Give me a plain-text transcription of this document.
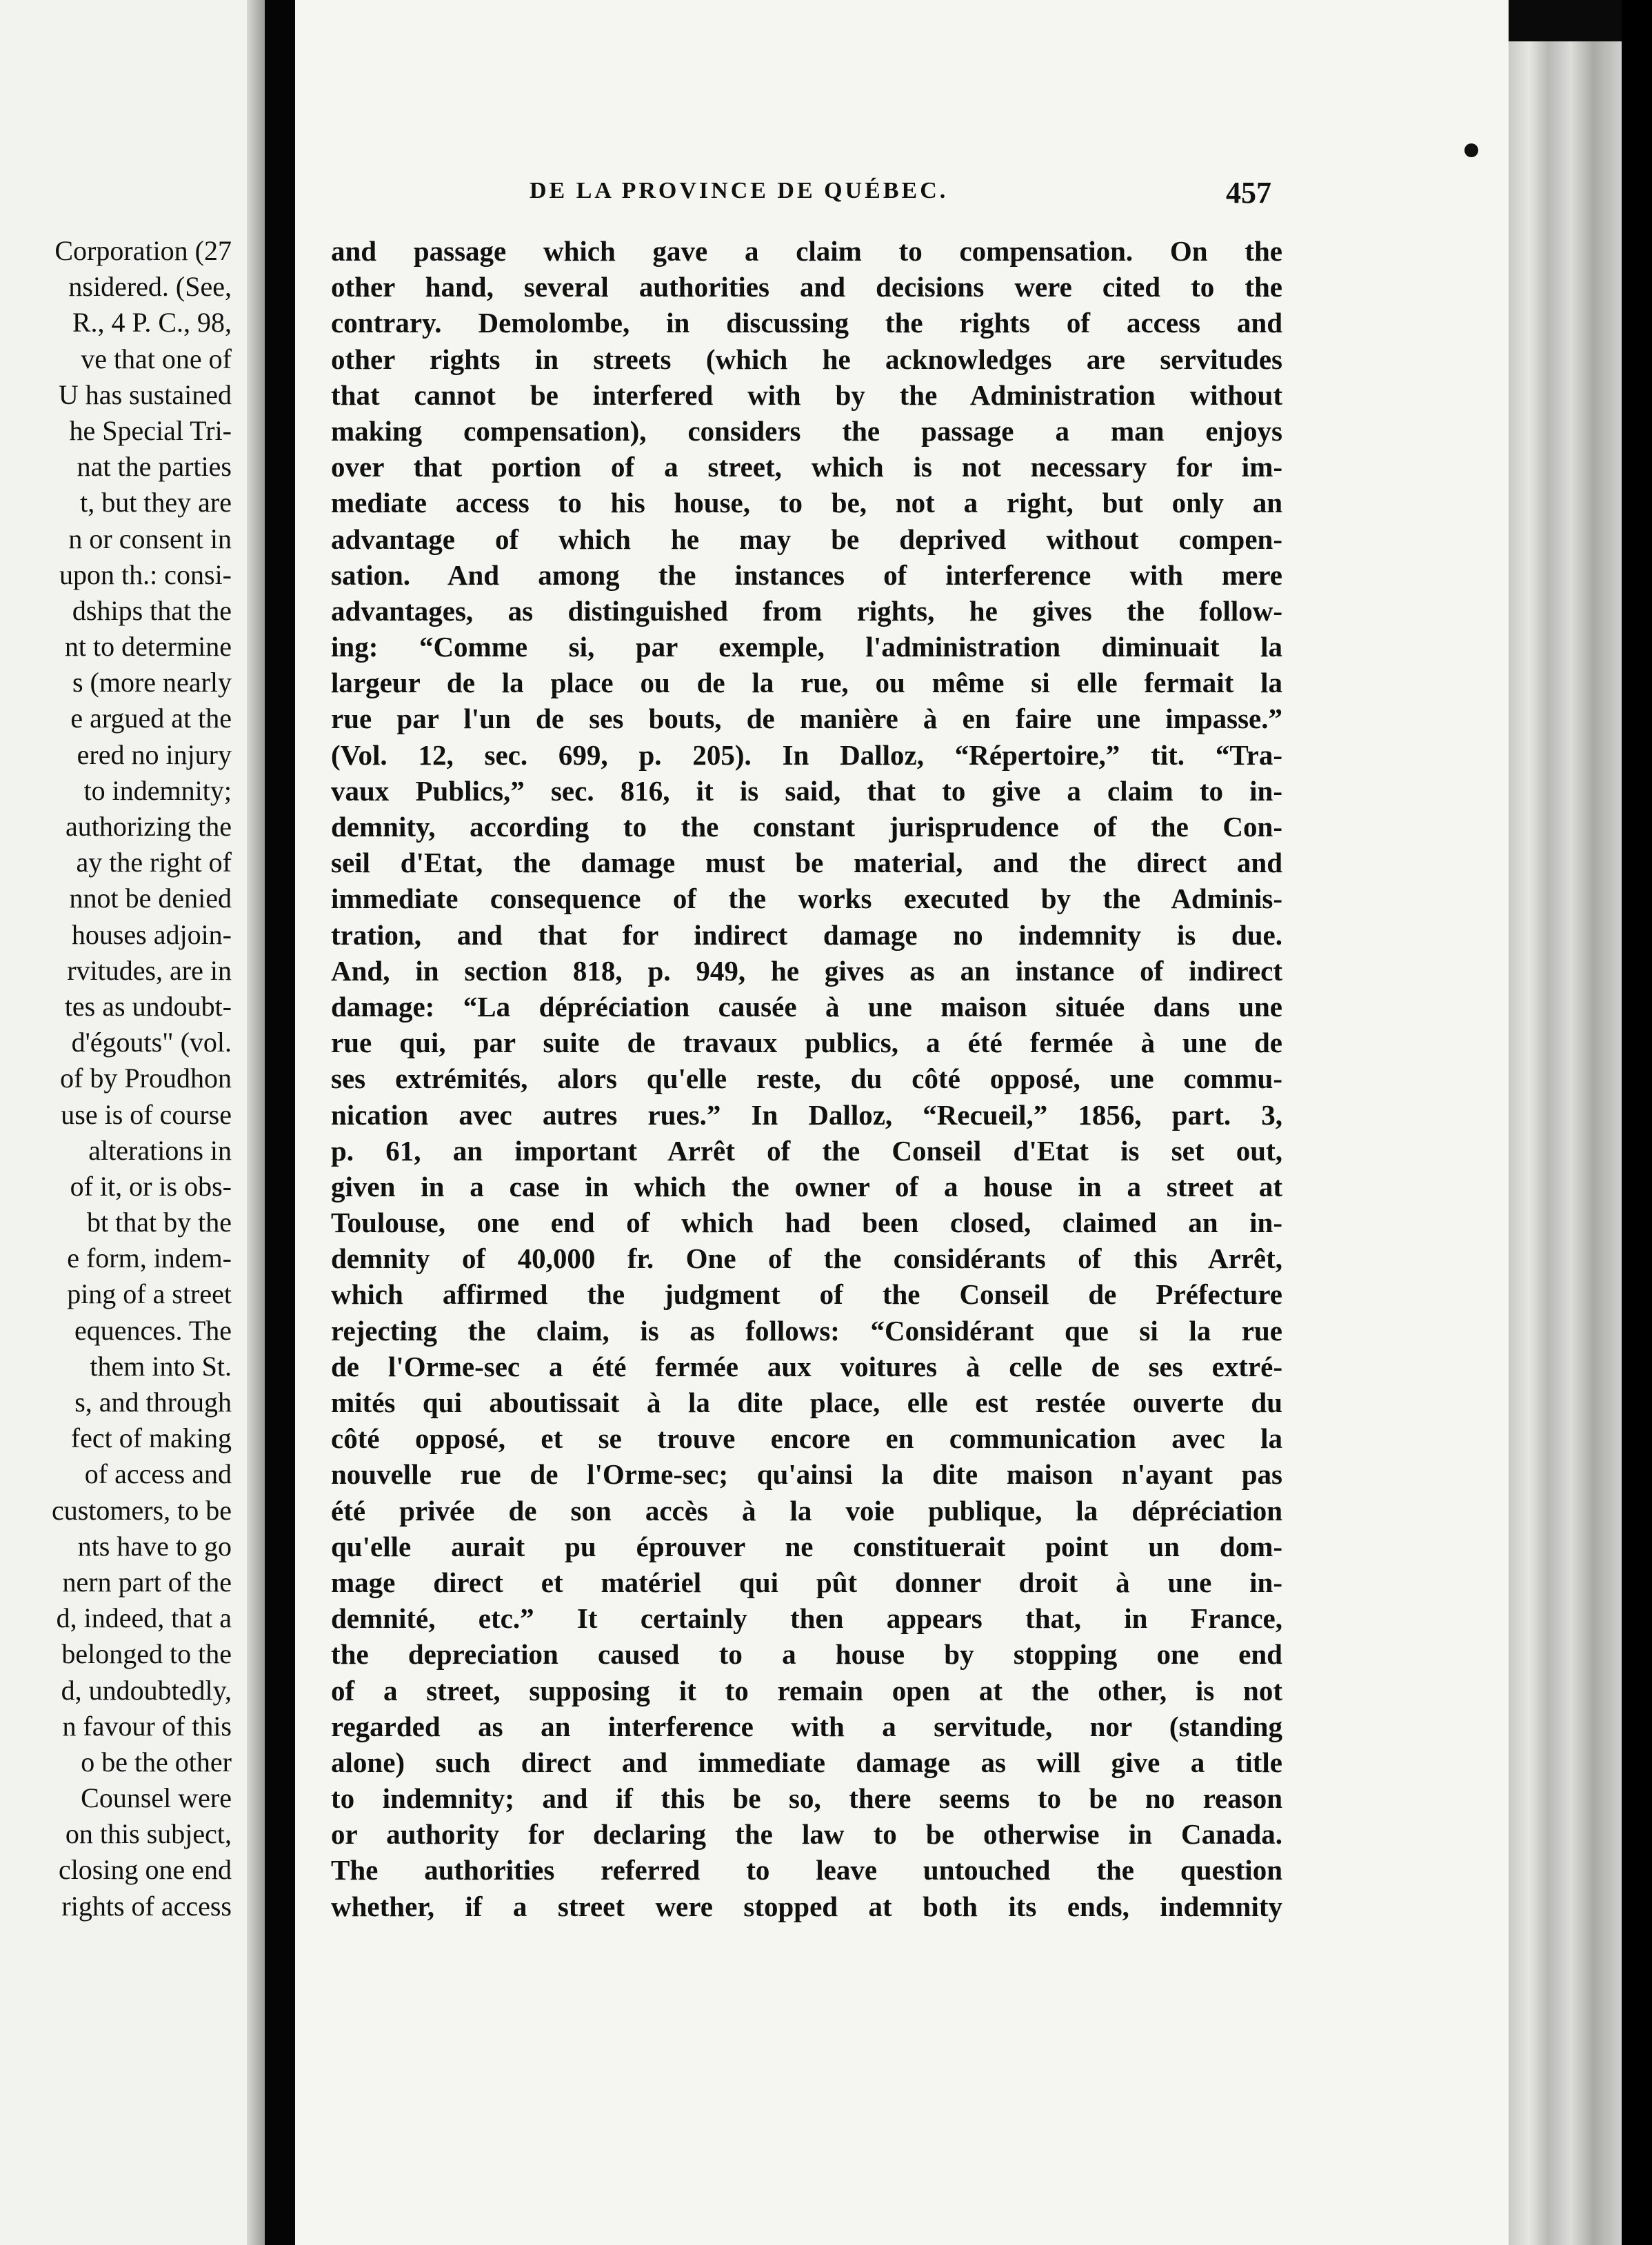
Corporation (27
nsidered. (See,
R., 4 P. C., 98,
ve that one of
U has sustained
he Special Tri-
nat the parties
t, but they are
n or consent in
upon th.: consi-
dships that the
nt to determine
s (more nearly
e argued at the
ered no injury
to indemnity;
authorizing the
ay the right of
nnot be denied
houses adjoin-
rvitudes, are in
tes as undoubt-
d'égouts" (vol.
of by Proudhon
use is of course
alterations in
of it, or is obs-
bt that by the
e form, indem-
ping of a street
equences. The
them into St.
s, and through
fect of making
of access and
customers, to be
nts have to go
nern part of the
d, indeed, that a
belonged to the
d, undoubtedly,
n favour of this
o be the other
Counsel were
on this subject,
closing one end
rights of access
DE LA PROVINCE DE QUÉBEC.	457
and passage which gave a claim to compensation. On the
other hand, several authorities and decisions were cited to the
contrary. Demolombe, in discussing the rights of access and
other rights in streets (which he acknowledges are servitudes
that cannot be interfered with by the Administration without
making compensation), considers the passage a man enjoys
over that portion of a street, which is not necessary for im-
mediate access to his house, to be, not a right, but only an
advantage of which he may be deprived without compen-
sation. And among the instances of interference with mere
advantages, as distinguished from rights, he gives the follow-
ing: “Comme si, par exemple, l'administration diminuait la
largeur de la place ou de la rue, ou même si elle fermait la
rue par l'un de ses bouts, de manière à en faire une impasse.”
(Vol. 12, sec. 699, p. 205). In Dalloz, “Répertoire,” tit. “Tra-
vaux Publics,” sec. 816, it is said, that to give a claim to in-
demnity, according to the constant jurisprudence of the Con-
seil d'Etat, the damage must be material, and the direct and
immediate consequence of the works executed by the Adminis-
tration, and that for indirect damage no indemnity is due.
And, in section 818, p. 949, he gives as an instance of indirect
damage: “La dépréciation causée à une maison située dans une
rue qui, par suite de travaux publics, a été fermée à une de
ses extrémités, alors qu'elle reste, du côté opposé, une commu-
nication avec autres rues.” In Dalloz, “Recueil,” 1856, part. 3,
p. 61, an important Arrêt of the Conseil d'Etat is set out,
given in a case in which the owner of a house in a street at
Toulouse, one end of which had been closed, claimed an in-
demnity of 40,000 fr. One of the considérants of this Arrêt,
which affirmed the judgment of the Conseil de Préfecture
rejecting the claim, is as follows: “Considérant que si la rue
de l'Orme-sec a été fermée aux voitures à celle de ses extré-
mités qui aboutissait à la dite place, elle est restée ouverte du
côté opposé, et se trouve encore en communication avec la
nouvelle rue de l'Orme-sec; qu'ainsi la dite maison n'ayant pas
été privée de son accès à la voie publique, la dépréciation
qu'elle aurait pu éprouver ne constituerait point un dom-
mage direct et matériel qui pût donner droit à une in-
demnité, etc.” It certainly then appears that, in France,
the depreciation caused to a house by stopping one end
of a street, supposing it to remain open at the other, is not
regarded as an interference with a servitude, nor (standing
alone) such direct and immediate damage as will give a title
to indemnity; and if this be so, there seems to be no reason
or authority for declaring the law to be otherwise in Canada.
The authorities referred to leave untouched the question
whether, if a street were stopped at both its ends, indemnity
